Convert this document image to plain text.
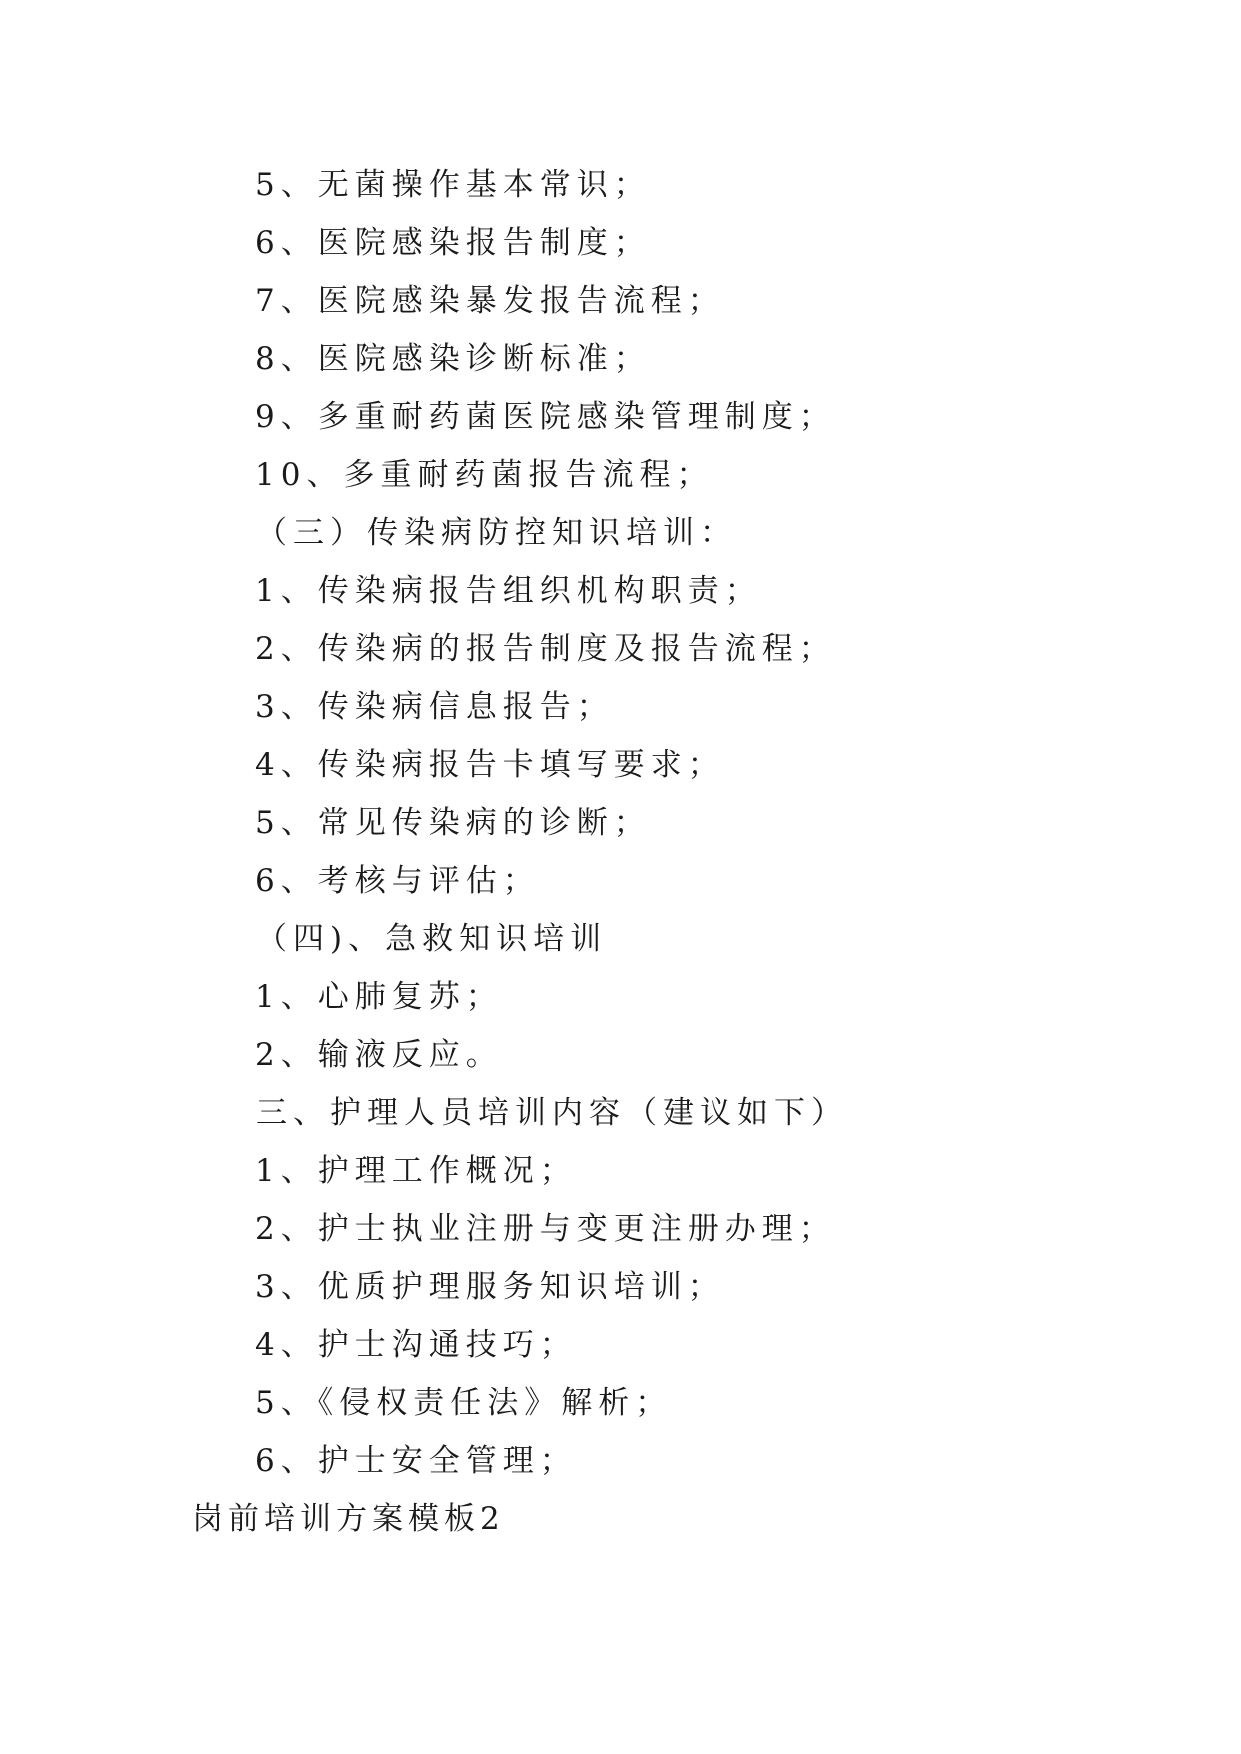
5、无菌操作基本常识；
6、医院感染报告制度；
7、医院感染暴发报告流程；
8、医院感染诊断标准；
9、多重耐药菌医院感染管理制度；
10、多重耐药菌报告流程；
（三）传染病防控知识培训：
1、传染病报告组织机构职责；
2、传染病的报告制度及报告流程；
3、传染病信息报告；
4、传染病报告卡填写要求；
5、常见传染病的诊断；
6、考核与评估；
（四)、急救知识培训
1、心肺复苏；
2、输液反应。
三、护理人员培训内容（建议如下）
1、护理工作概况；
2、护士执业注册与变更注册办理；
3、优质护理服务知识培训；
4、护士沟通技巧；
5、《侵权责任法》解析；
6、护士安全管理；
岗前培训方案模板2
